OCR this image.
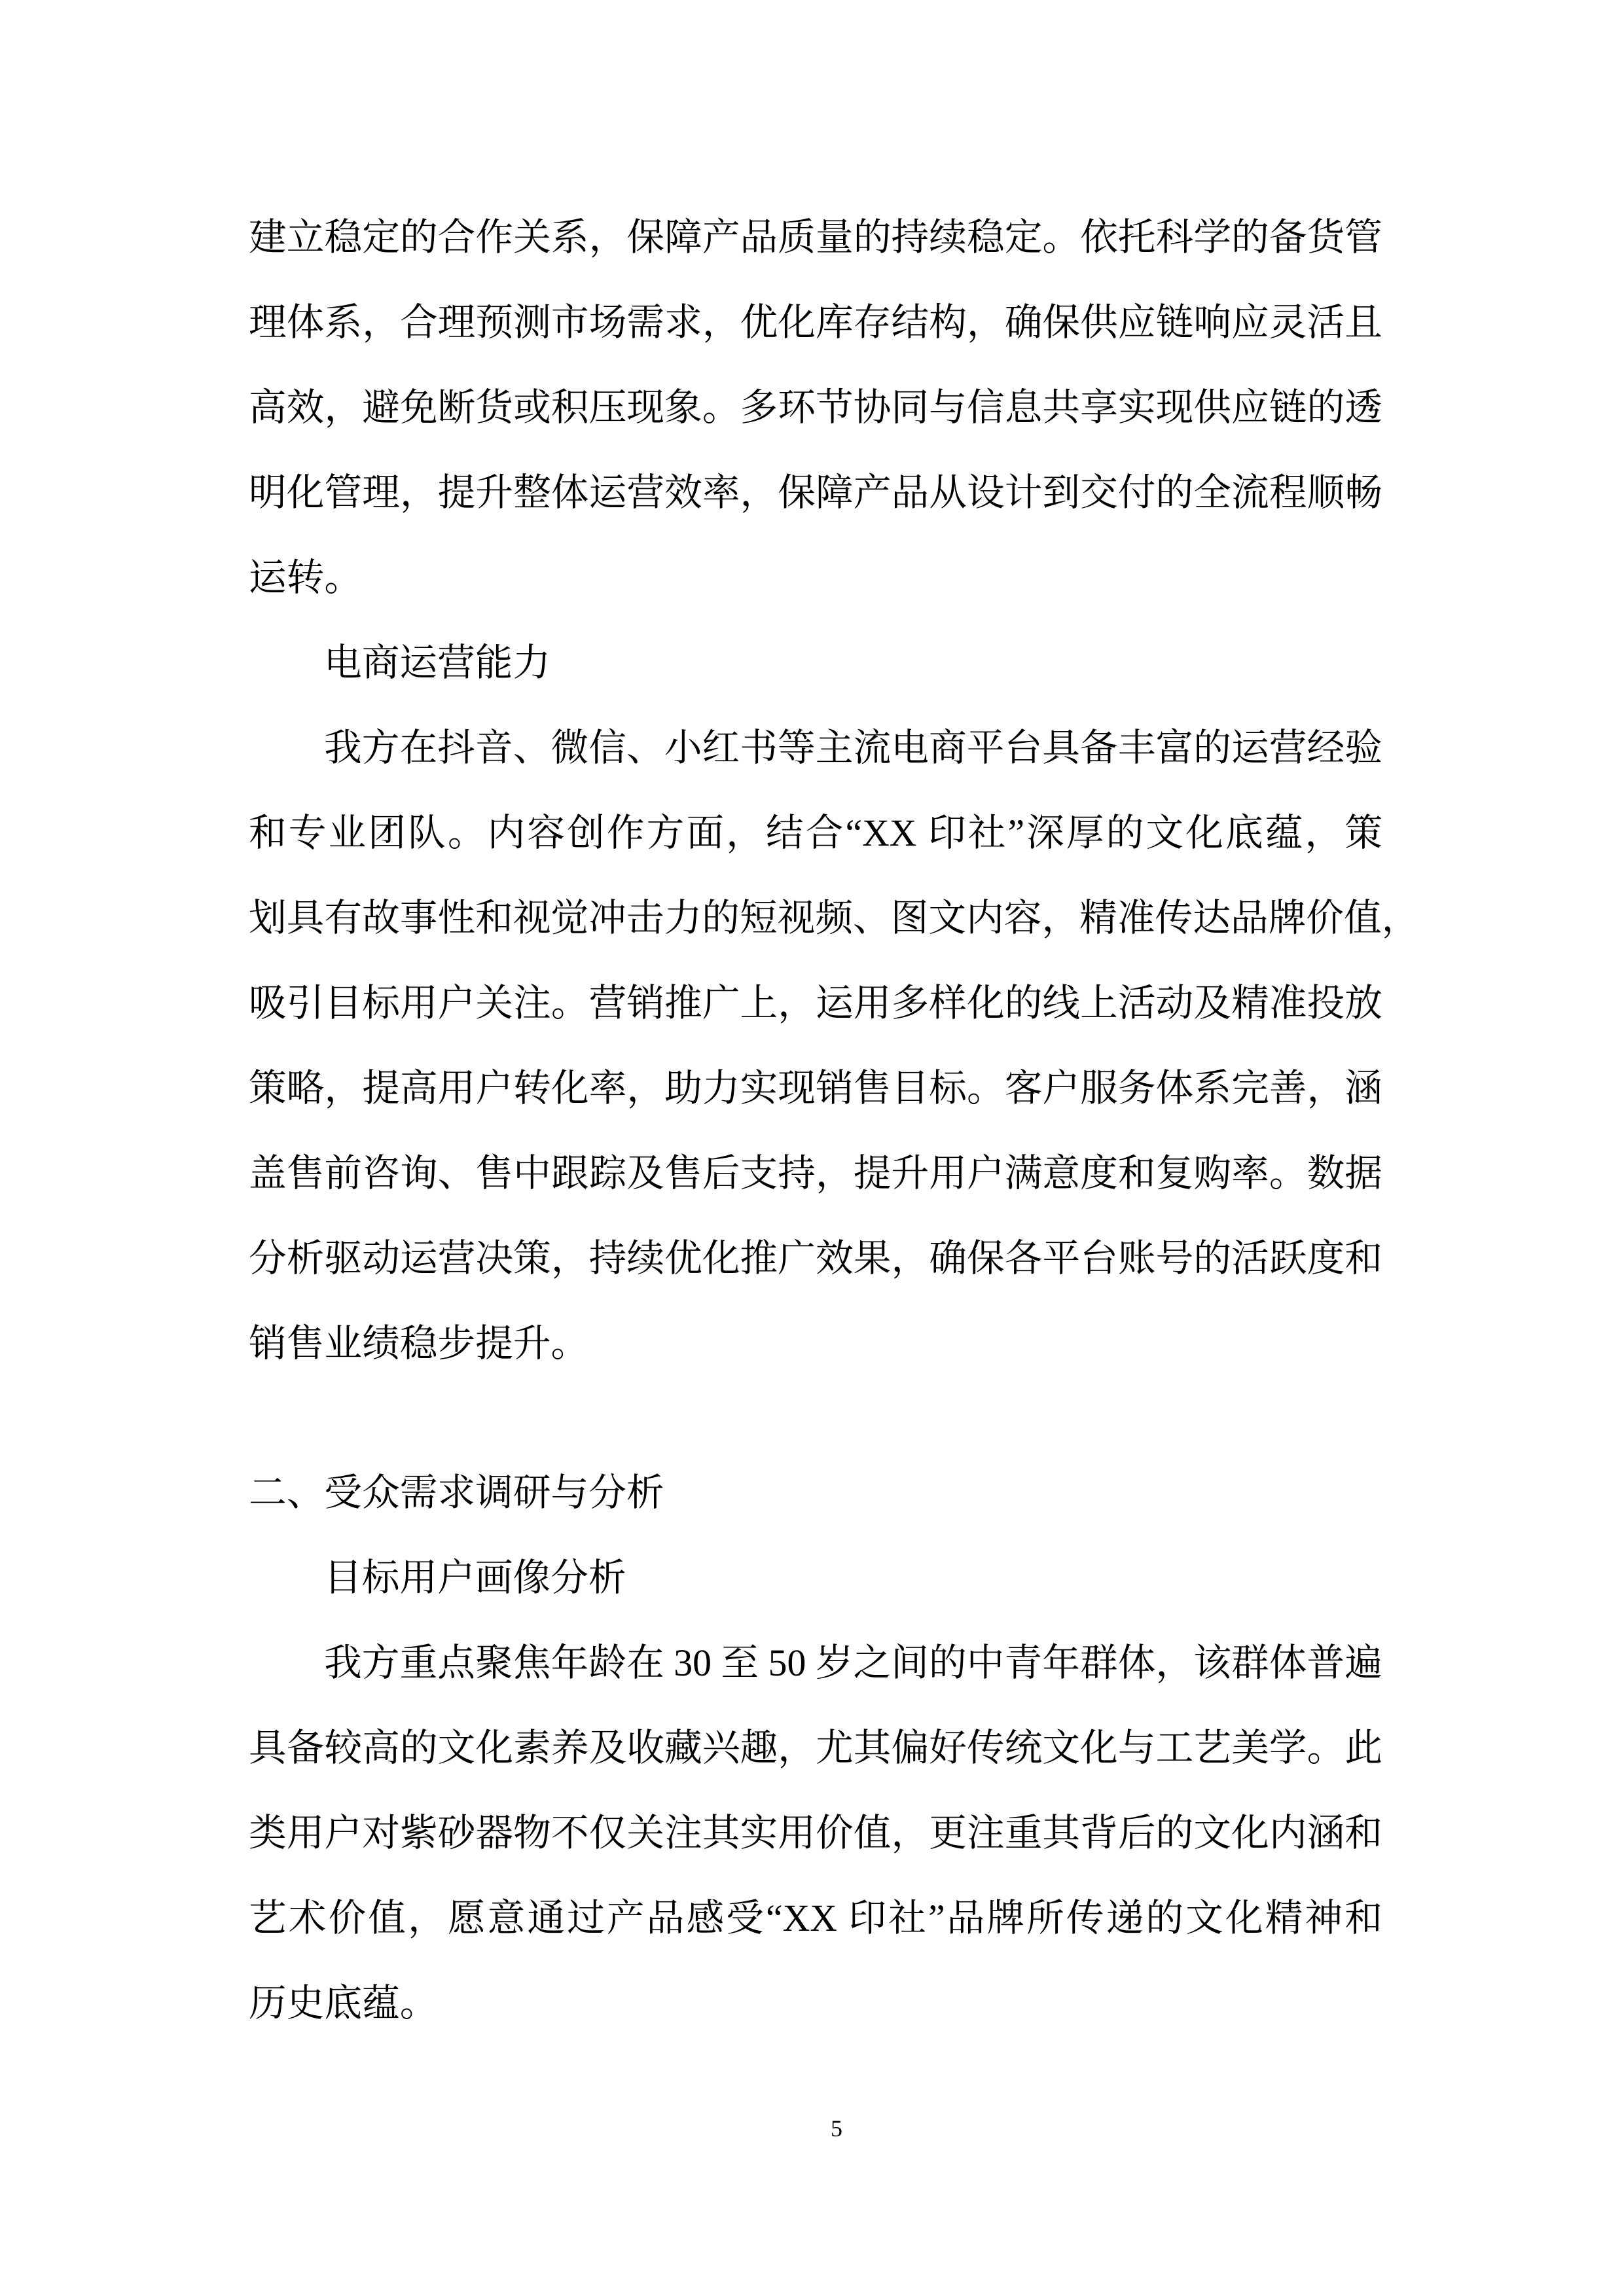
建立稳定的合作关系，保障产品质量的持续稳定。依托科学的备货管
理体系，合理预测市场需求，优化库存结构，确保供应链响应灵活且
高效，避免断货或积压现象。多环节协同与信息共享实现供应链的透
明化管理，提升整体运营效率，保障产品从设计到交付的全流程顺畅
运转。
电商运营能力
我方在抖音、微信、小红书等主流电商平台具备丰富的运营经验
和专业团队。内容创作方面，结合“XX 印社”深厚的文化底蕴，策
划具有故事性和视觉冲击力的短视频、图文内容，精准传达品牌价值，
吸引目标用户关注。营销推广上，运用多样化的线上活动及精准投放
策略，提高用户转化率，助力实现销售目标。客户服务体系完善，涵
盖售前咨询、售中跟踪及售后支持，提升用户满意度和复购率。数据
分析驱动运营决策，持续优化推广效果，确保各平台账号的活跃度和
销售业绩稳步提升。
二、受众需求调研与分析
目标用户画像分析
我方重点聚焦年龄在 30 至 50 岁之间的中青年群体，该群体普遍
具备较高的文化素养及收藏兴趣，尤其偏好传统文化与工艺美学。此
类用户对紫砂器物不仅关注其实用价值，更注重其背后的文化内涵和
艺术价值，愿意通过产品感受“XX 印社”品牌所传递的文化精神和
历史底蕴。
5
